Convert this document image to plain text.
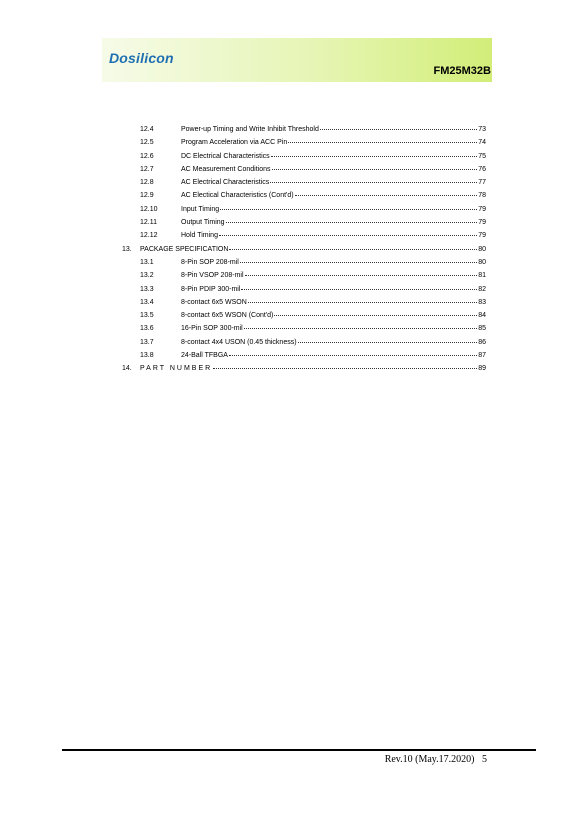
Dosilicon
FM25M32B
12.4	Power-up Timing and Write Inhibit Threshold	73
12.5	Program Acceleration via ACC Pin	74
12.6	DC Electrical Characteristics	75
12.7	AC Measurement Conditions	76
12.8	AC Electrical Characteristics	77
12.9	AC Electical Characteristics (Cont'd)	78
12.10	Input Timing	79
12.11	Output Timing	79
12.12	Hold Timing	79
13.	PACKAGE SPECIFICATION	80
13.1	8-Pin SOP 208-mil	80
13.2	8-Pin VSOP 208-mil	81
13.3	8-Pin PDIP 300-mil	82
13.4	8-contact 6x5 WSON	83
13.5	8-contact 6x5 WSON (Cont'd)	84
13.6	16-Pin SOP 300-mil	85
13.7	8-contact 4x4 USON (0.45 thickness)	86
13.8	24-Ball TFBGA	87
14.	PART NUMBER	89
Rev.10 (May.17.2020) 5
